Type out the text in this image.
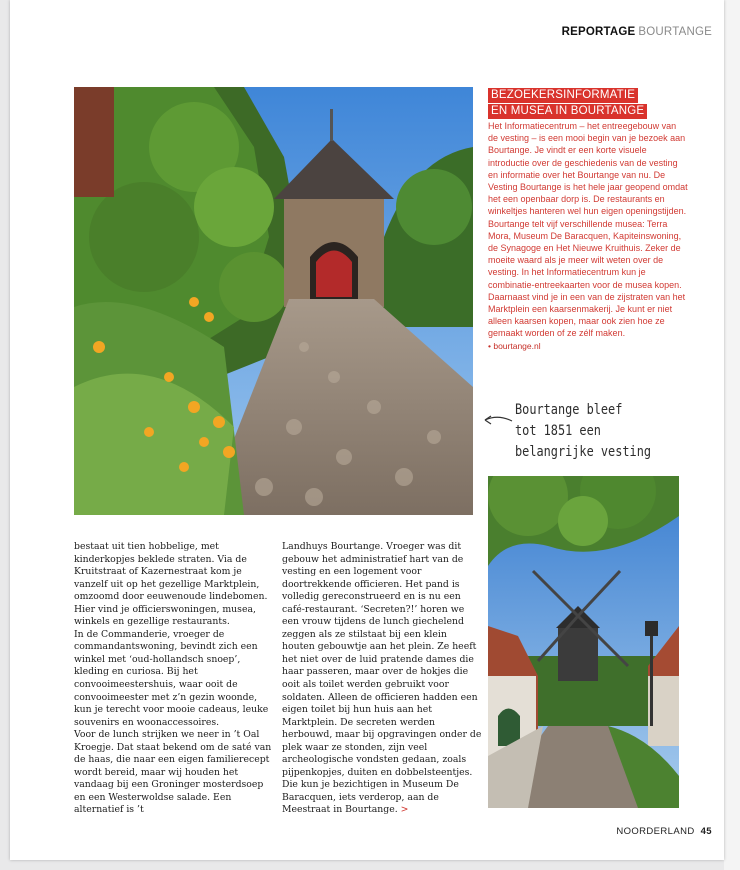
REPORTAGE BOURTANGE
BEZOEKERSINFORMATIE
EN MUSEA IN BOURTANGE

Het Informatiecentrum – het entreegebouw van de vesting – is een mooi begin van je bezoek aan Bourtange. Je vindt er een korte visuele introductie over de geschiedenis van de vesting en informatie over het Bourtange van nu. De Vesting Bourtange is het hele jaar geopend omdat het een openbaar dorp is. De restaurants en winkeltjes hanteren wel hun eigen openingstijden.

Bourtange telt vijf verschillende musea: Terra Mora, Museum De Baracquen, Kapiteinswoning, de Synagoge en Het Nieuwe Kruithuis. Zeker de moeite waard als je meer wilt weten over de vesting. In het Informatiecentrum kun je combinatie-entreekaarten voor de musea kopen. Daarnaast vind je in een van de zijstraten van het Marktplein een kaarsenmakerij. Je kunt er niet alleen kaarsen kopen, maar ook zien hoe ze gemaakt worden of ze zélf maken.

• bourtange.nl

Bourtange bleef
tot 1851 een
belangrijke vesting

bestaat uit tien hobbelige, met kinderkopjes beklede straten. Via de Kruitstraat of Kazernestraat kom je vanzelf uit op het gezellige Marktplein, omzoomd door eeuwenoude lindebomen. Hier vind je officierswoningen, musea, winkels en gezellige restaurants.

In de Commanderie, vroeger de commandantswoning, bevindt zich een winkel met ‘oud-hollandsch snoep’, kleding en curiosa. Bij het convooimeestershuis, waar ooit de convooimeester met z’n gezin woonde, kun je terecht voor mooie cadeaus, leuke souvenirs en woonaccessoires.

Voor de lunch strijken we neer in ’t Oal Kroegje. Dat staat bekend om de saté van de haas, die naar een eigen familierecept wordt bereid, maar wij houden het vandaag bij een Groninger mosterdsoep en een Westerwoldse salade. Een alternatief is ’t

Landhuys Bourtange. Vroeger was dit gebouw het administratief hart van de vesting en een logement voor doortrekkende officieren. Het pand is volledig gereconstrueerd en is nu een café-restaurant. ‘Secreten?!’ horen we een vrouw tijdens de lunch giechelend zeggen als ze stilstaat bij een klein houten gebouwtje aan het plein. Ze heeft het niet over de luid pratende dames die haar passeren, maar over de hokjes die ooit als toilet werden gebruikt voor soldaten. Alleen de officieren hadden een eigen toilet bij hun huis aan het Marktplein. De secreten werden herbouwd, maar bij opgravingen onder de plek waar ze stonden, zijn veel archeologische vondsten gedaan, zoals pijpenkopjes, duiten en dobbelsteentjes. Die kun je bezichtigen in Museum De Baracquen, iets verderop, aan de Meestraat in Bourtange. >

NOORDERLAND 45
